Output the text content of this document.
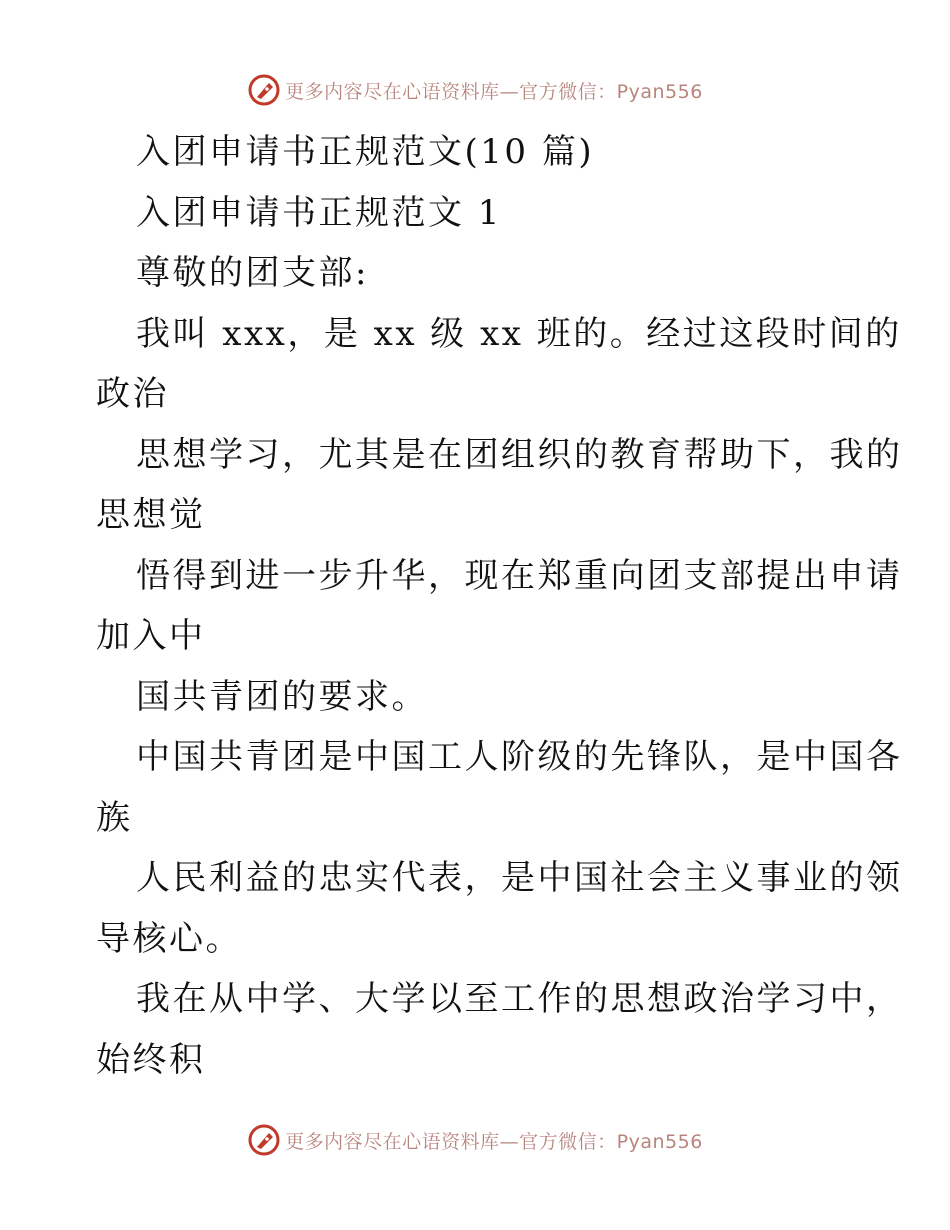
更多内容尽在心语资料库—官方微信：Pyan556
入团申请书正规范文(10 篇)
入团申请书正规范文 1
尊敬的团支部:
我叫 xxx，是 xx 级 xx 班的。经过这段时间的
政治
思想学习，尤其是在团组织的教育帮助下，我的
思想觉
悟得到进一步升华，现在郑重向团支部提出申请
加入中
国共青团的要求。
中国共青团是中国工人阶级的先锋队，是中国各
族
人民利益的忠实代表，是中国社会主义事业的领
导核心。
我在从中学、大学以至工作的思想政治学习中，
始终积
更多内容尽在心语资料库—官方微信：Pyan556
